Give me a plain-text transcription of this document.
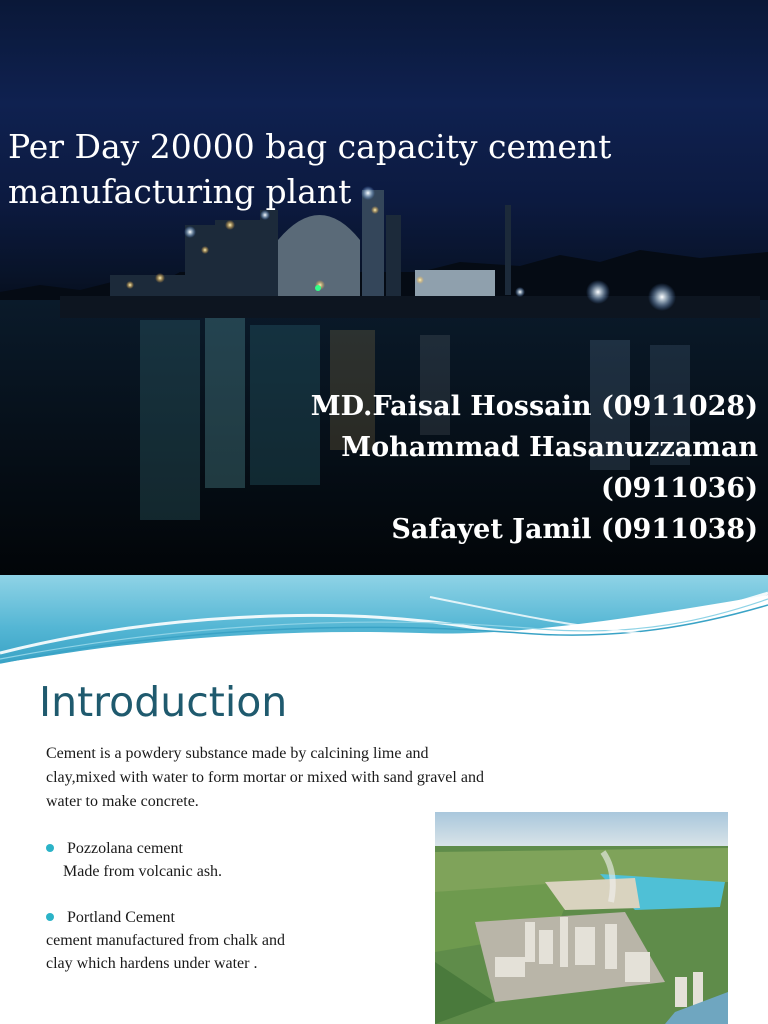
Per Day 20000 bag capacity cement manufacturing plant
MD.Faisal Hossain (0911028)
Mohammad Hasanuzzaman
(0911036)
Safayet Jamil (0911038)
Introduction
Cement is a powdery substance made by calcining lime and clay,mixed with water to form mortar or mixed with sand gravel and water to make concrete.
Pozzolana cement
Made from volcanic ash.
Portland Cement
cement manufactured from chalk and clay which hardens under water .
